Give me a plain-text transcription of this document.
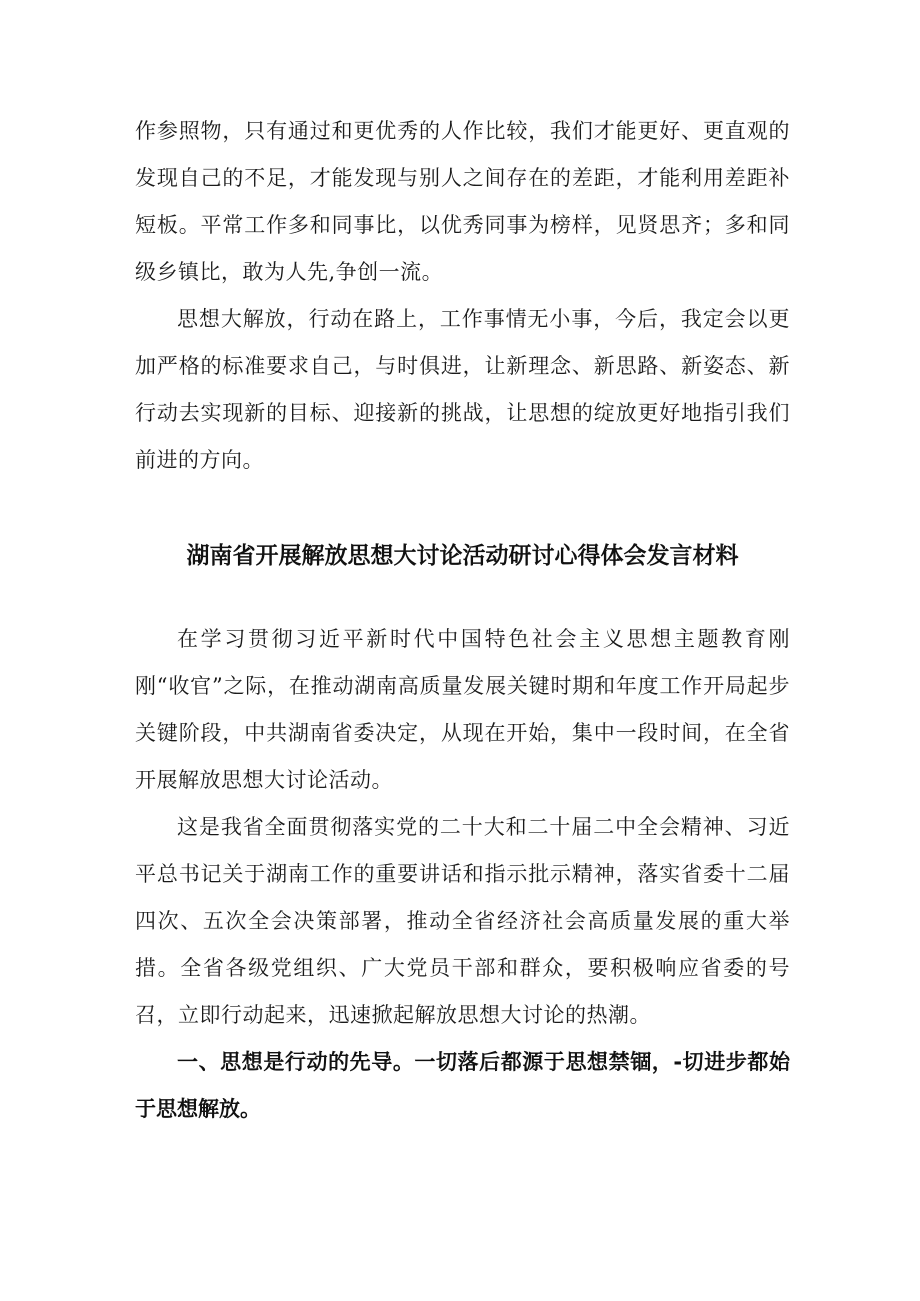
作参照物，只有通过和更优秀的人作比较，我们才能更好、更直观的发现自己的不足，才能发现与别人之间存在的差距，才能利用差距补短板。平常工作多和同事比，以优秀同事为榜样，见贤思齐；多和同级乡镇比，敢为人先,争创一流。

思想大解放，行动在路上，工作事情无小事，今后，我定会以更加严格的标准要求自己，与时俱进，让新理念、新思路、新姿态、新行动去实现新的目标、迎接新的挑战，让思想的绽放更好地指引我们前进的方向。

湖南省开展解放思想大讨论活动研讨心得体会发言材料

在学习贯彻习近平新时代中国特色社会主义思想主题教育刚刚“收官”之际，在推动湖南高质量发展关键时期和年度工作开局起步关键阶段，中共湖南省委决定，从现在开始，集中一段时间，在全省开展解放思想大讨论活动。

这是我省全面贯彻落实党的二十大和二十届二中全会精神、习近平总书记关于湖南工作的重要讲话和指示批示精神，落实省委十二届四次、五次全会决策部署，推动全省经济社会高质量发展的重大举措。全省各级党组织、广大党员干部和群众，要积极响应省委的号召，立即行动起来，迅速掀起解放思想大讨论的热潮。

一、思想是行动的先导。一切落后都源于思想禁锢，-切进步都始于思想解放。
